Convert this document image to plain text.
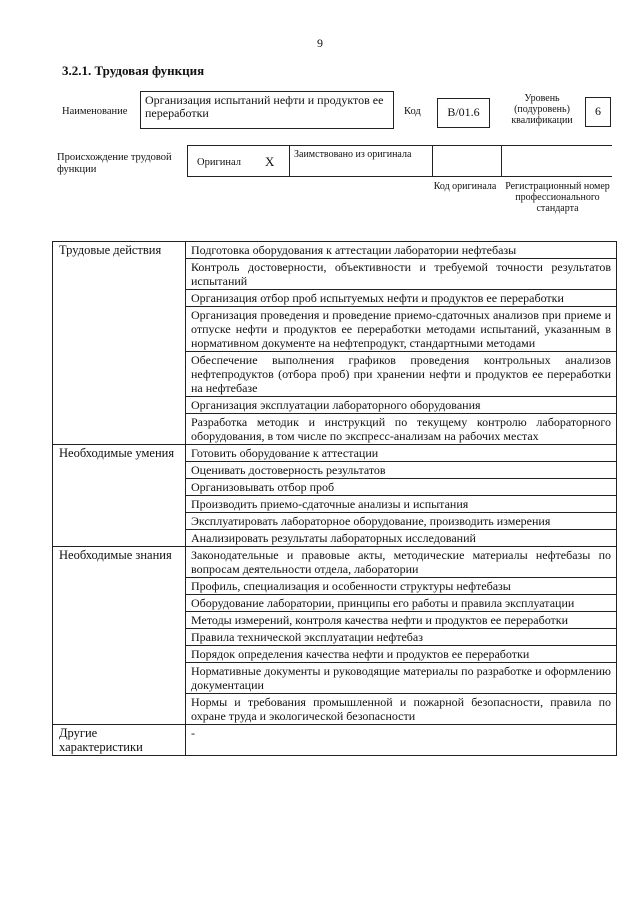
9
3.2.1. Трудовая функция
Наименование
Организация испытаний нефти и продуктов ее переработки	Код	B/01.6
Уровень (подуровень) квалификации
6
Происхождение трудовой функции
Оригинал X Заимствовано из оригинала
Код оригинала Регистрационный номер профессионального стандарта
Трудовые действия	Подготовка оборудования к аттестации лаборатории нефтебазы
	Контроль достоверности, объективности и требуемой точности результатов испытаний
	Организация отбор проб испытуемых нефти и продуктов ее переработки
	Организация проведения и проведение приемо-сдаточных анализов при приеме и отпуске нефти и продуктов ее переработки методами испытаний, указанным в нормативном документе на нефтепродукт, стандартными методами
	Обеспечение выполнения графиков проведения контрольных анализов нефтепродуктов (отбора проб) при хранении нефти и продуктов ее переработки на нефтебазе
	Организация эксплуатации лабораторного оборудования
	Разработка методик и инструкций по текущему контролю лабораторного оборудования, в том числе по экспресс-анализам на рабочих местах
Необходимые умения	Готовить оборудование к аттестации
	Оценивать достоверность результатов
	Организовывать отбор проб
	Производить приемо-сдаточные анализы и испытания
	Эксплуатировать лабораторное оборудование, производить измерения
	Анализировать результаты лабораторных исследований
Необходимые знания	Законодательные и правовые акты, методические материалы нефтебазы по вопросам деятельности отдела, лаборатории
	Профиль, специализация и особенности структуры нефтебазы
	Оборудование лаборатории, принципы его работы и правила эксплуатации
	Методы измерений, контроля качества нефти и продуктов ее переработки
	Правила технической эксплуатации нефтебаз
	Порядок определения качества нефти и продуктов ее переработки
	Нормативные документы и руководящие материалы по разработке и оформлению документации
	Нормы и требования промышленной и пожарной безопасности, правила по охране труда и экологической безопасности
Другие характеристики	-
